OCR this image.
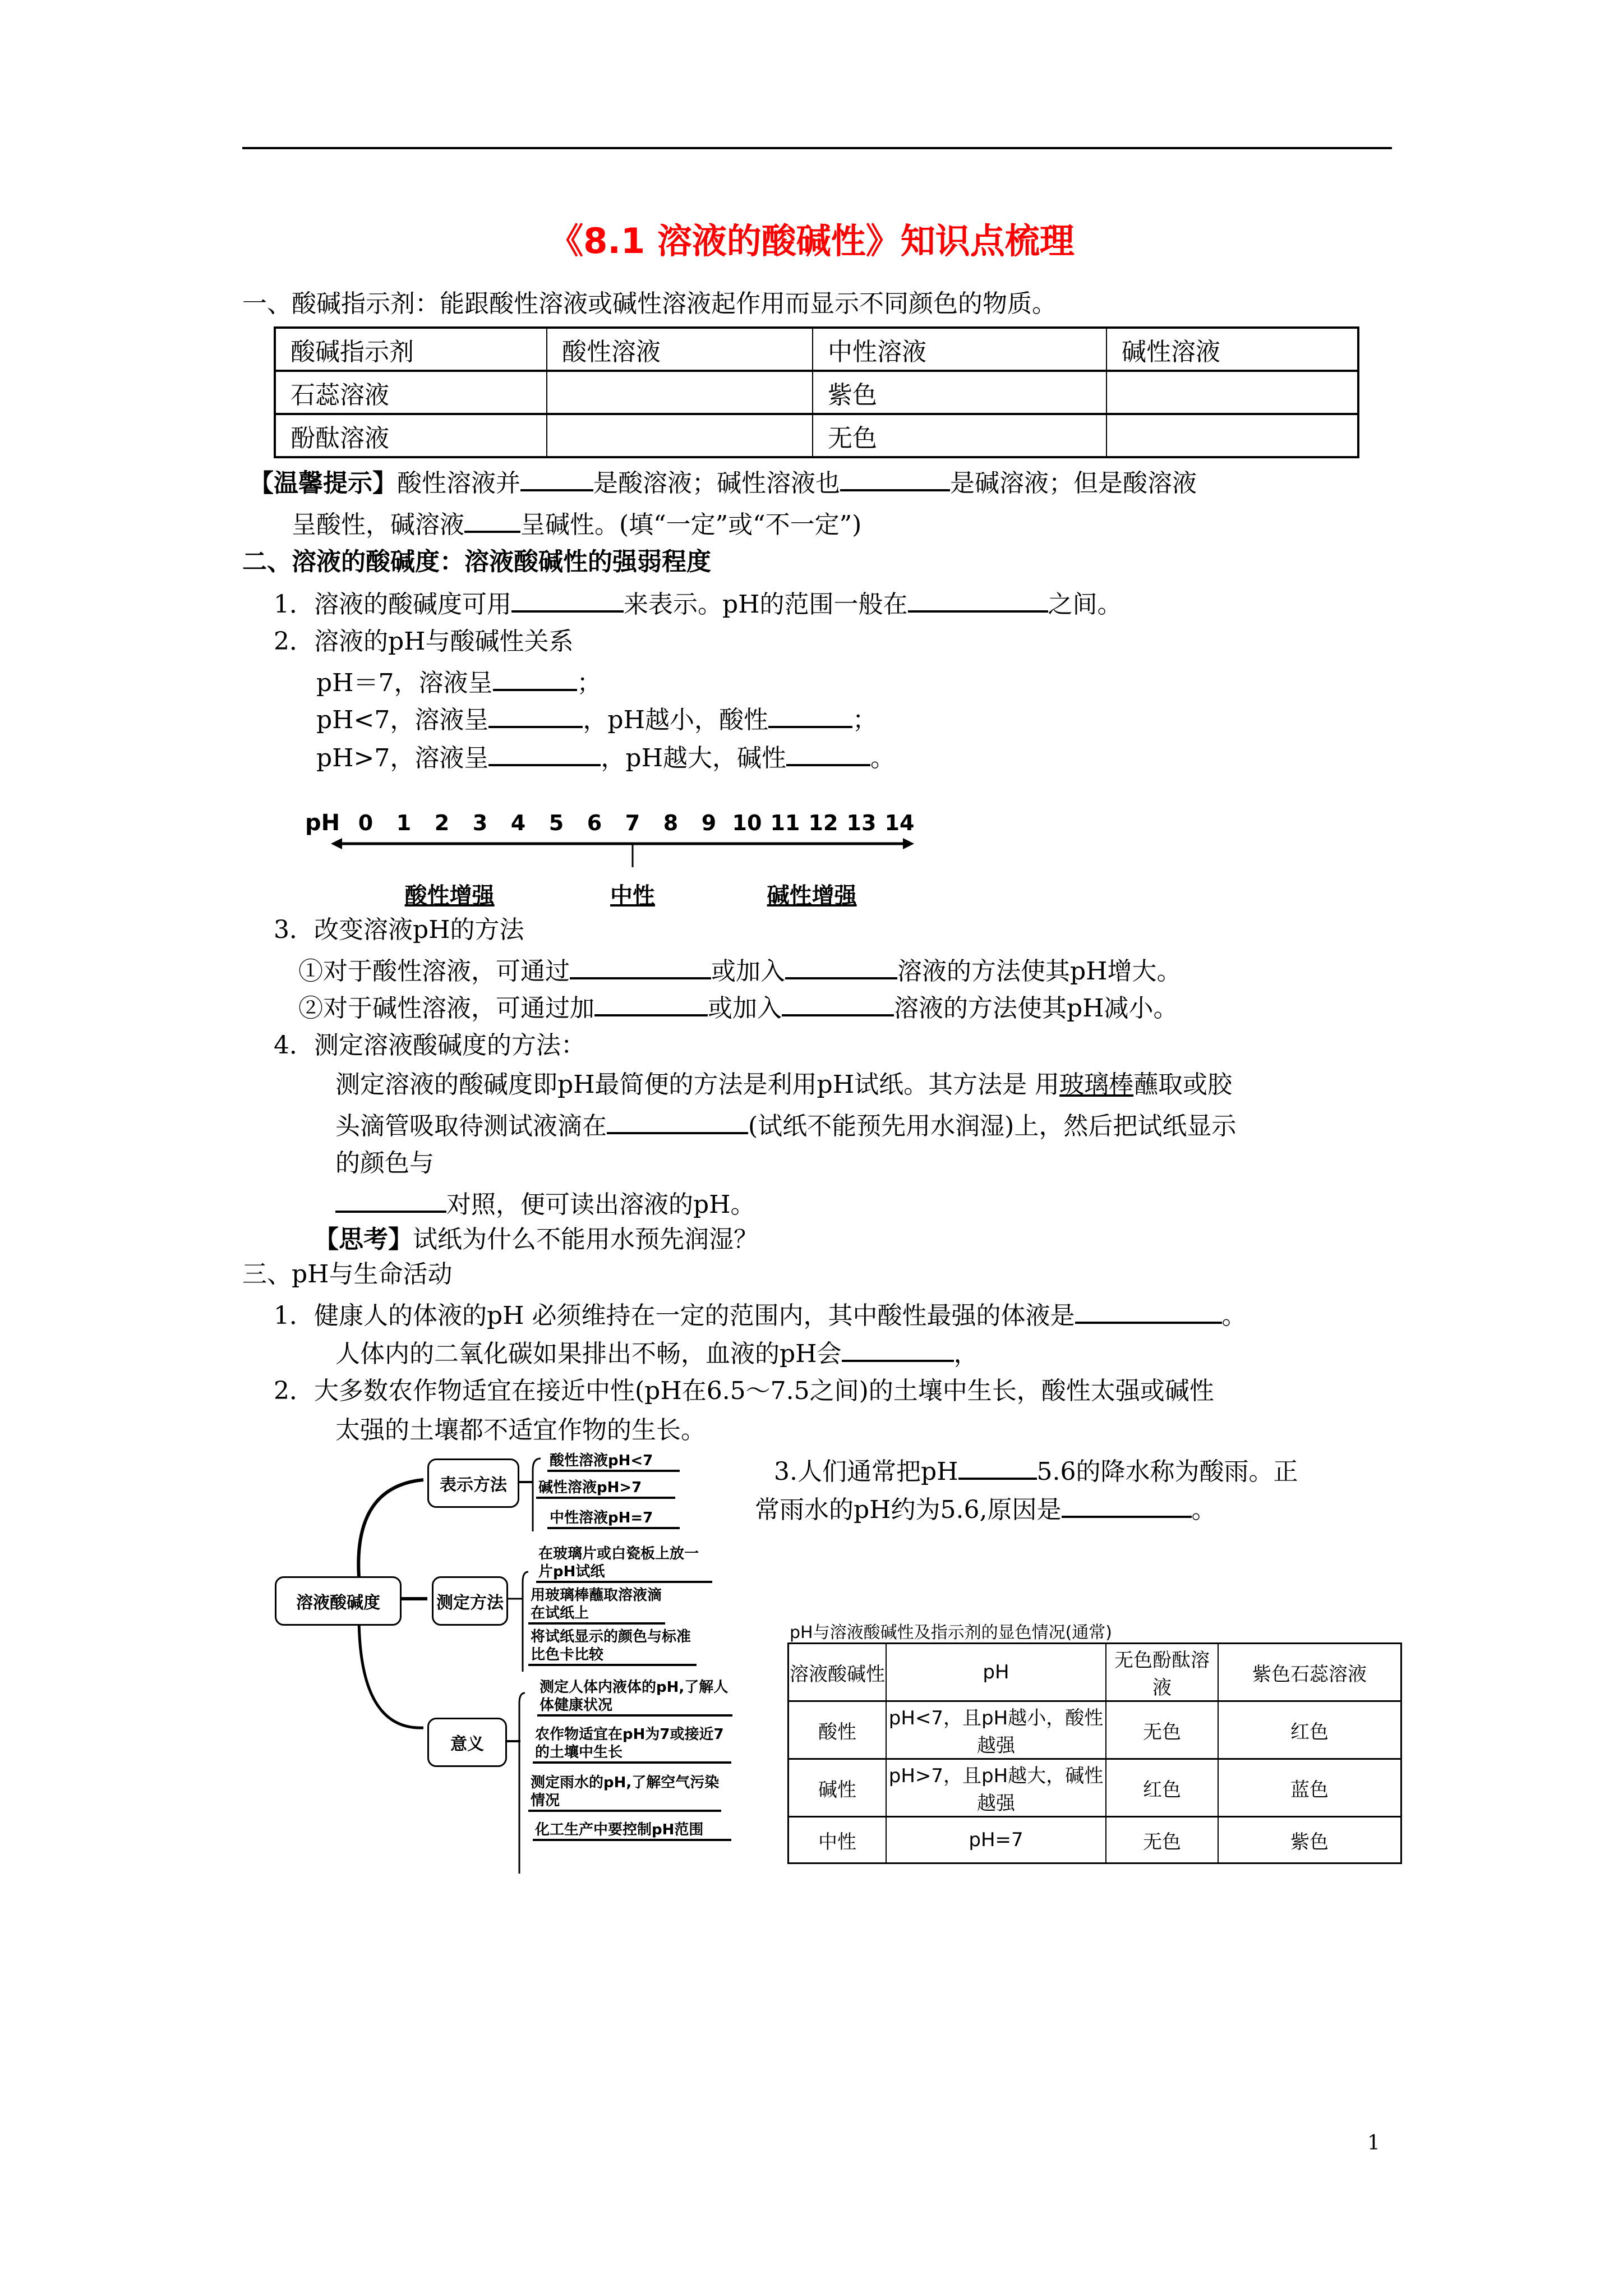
《8.1 溶液的酸碱性》知识点梳理
一、酸碱指示剂：能跟酸性溶液或碱性溶液起作用而显示不同颜色的物质。
酸碱指示剂	酸性溶液	中性溶液	碱性溶液
石蕊溶液		紫色	
酚酞溶液		无色	
【温馨提示】酸性溶液并	是酸溶液；碱性溶液也	是碱溶液；但是酸溶液
呈酸性，碱溶液 呈碱性。(填“一定”或“不一定”)
二、溶液的酸碱度：溶液酸碱性的强弱程度
1．溶液的酸碱度可用	来表示。pH的范围一般在	之间。
2．溶液的pH与酸碱性关系
pH＝7，溶液呈	；
pH<7，溶液呈	，pH越小，酸性	；
pH>7，溶液呈	，pH越大，碱性	。
pH 0 1 2 3 4 5 6 7 8 9 10 11 12 13 14
酸性增强	中性	碱性增强
3．改变溶液pH的方法
①对于酸性溶液，可通过	或加入	溶液的方法使其pH增大。
②对于碱性溶液，可通过加	或加入	溶液的方法使其pH减小。
4．测定溶液酸碱度的方法：
测定溶液的酸碱度即pH最简便的方法是利用pH试纸。其方法是 用玻璃棒蘸取或胶
头滴管吸取待测试液滴在	(试纸不能预先用水润湿)上，然后把试纸显示
的颜色与
对照，便可读出溶液的pH。
【思考】试纸为什么不能用水预先润湿？
三、pH与生命活动
1．健康人的体液的pH 必须维持在一定的范围内，其中酸性最强的体液是	。
人体内的二氧化碳如果排出不畅，血液的pH会	，
2．大多数农作物适宜在接近中性(pH在6.5～7.5之间)的土壤中生长，酸性太强或碱性
太强的土壤都不适宜作物的生长。
3.人们通常把pH	5.6的降水称为酸雨。正
常雨水的pH约为5.6,原因是	。
溶液酸碱度
表示方法
测定方法
意义
酸性溶液pH<7
碱性溶液pH>7
中性溶液pH=7
在玻璃片或白瓷板上放一片pH试纸
用玻璃棒蘸取溶液滴在试纸上
将试纸显示的颜色与标准比色卡比较
测定人体内液体的pH,了解人体健康状况
农作物适宜在pH为7或接近7的土壤中生长
测定雨水的pH,了解空气污染情况
化工生产中要控制pH范围
pH与溶液酸碱性及指示剂的显色情况(通常)
溶液酸碱性	pH	无色酚酞溶液	紫色石蕊溶液
酸性	pH<7，且pH越小，酸性越强	无色	红色
碱性	pH>7，且pH越大，碱性越强	红色	蓝色
中性	pH=7	无色	紫色
1
